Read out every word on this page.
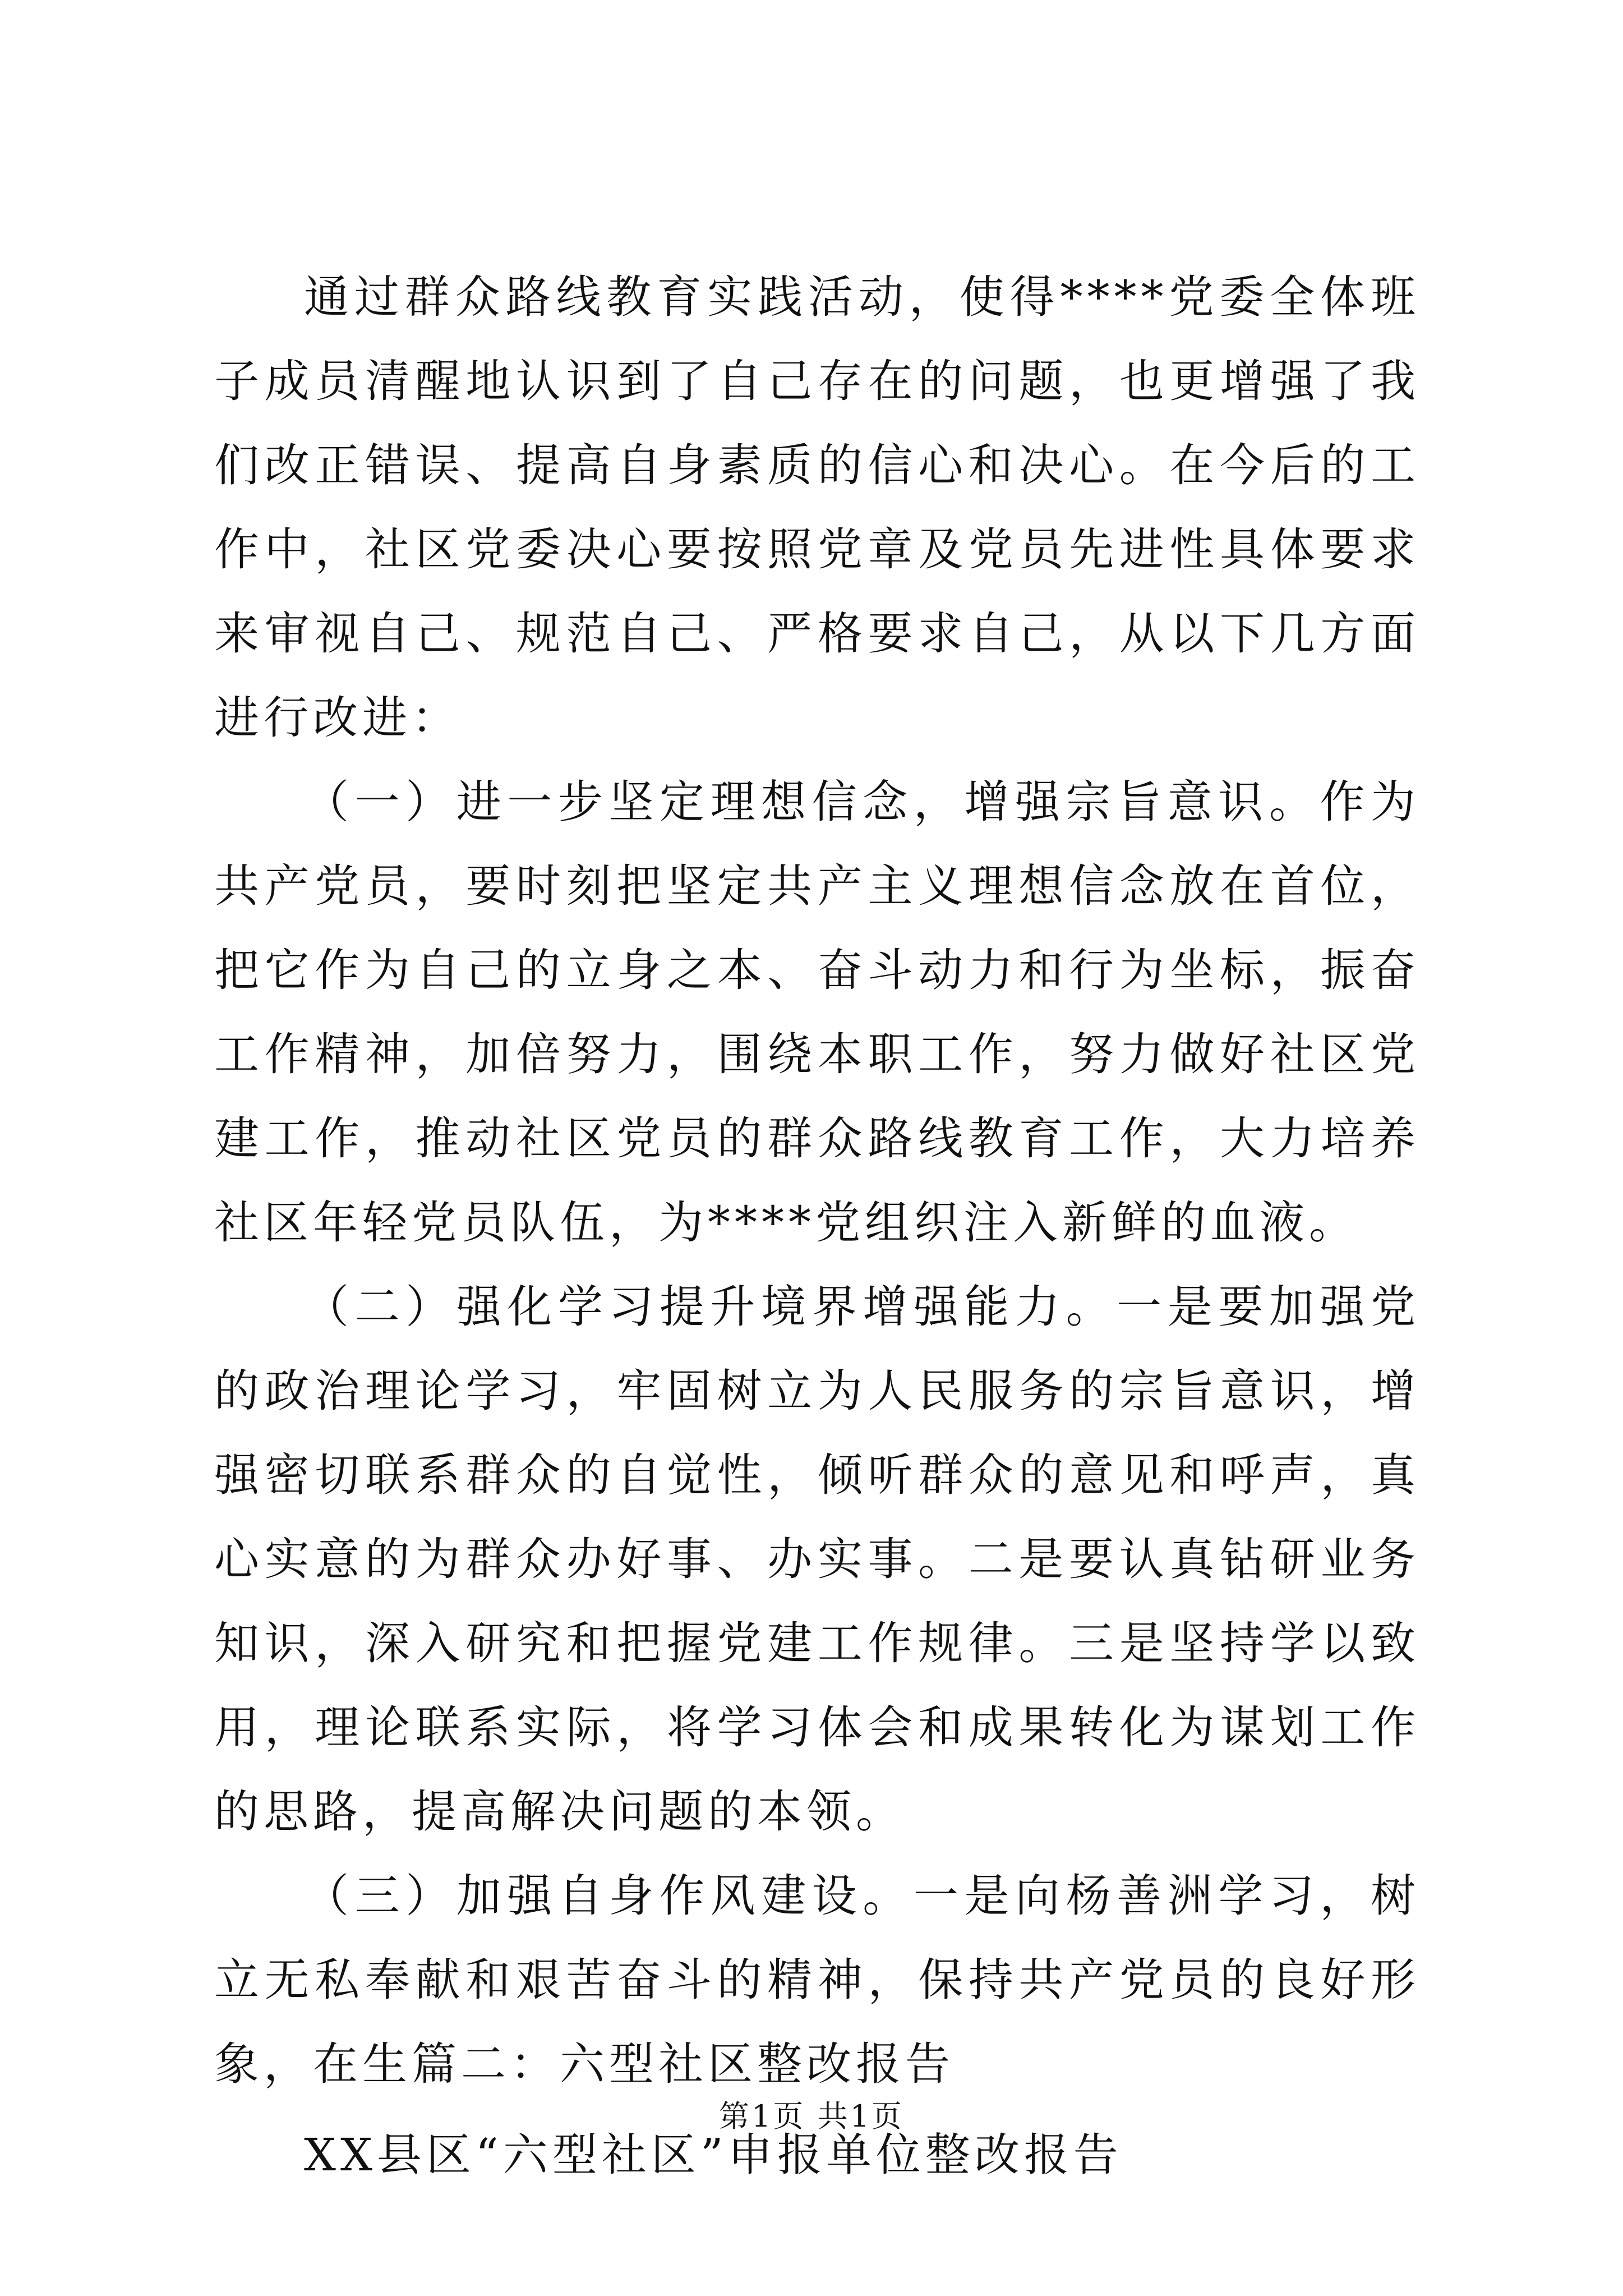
通过群众路线教育实践活动，使得****党委全体班子成员清醒地认识到了自己存在的问题，也更增强了我们改正错误、提高自身素质的信心和决心。在今后的工作中，社区党委决心要按照党章及党员先进性具体要求来审视自己、规范自己、严格要求自己，从以下几方面进行改进：

（一）进一步坚定理想信念，增强宗旨意识。作为共产党员，要时刻把坚定共产主义理想信念放在首位，把它作为自己的立身之本、奋斗动力和行为坐标，振奋工作精神，加倍努力，围绕本职工作，努力做好社区党建工作，推动社区党员的群众路线教育工作，大力培养社区年轻党员队伍，为****党组织注入新鲜的血液。

（二）强化学习提升境界增强能力。一是要加强党的政治理论学习，牢固树立为人民服务的宗旨意识，增强密切联系群众的自觉性，倾听群众的意见和呼声，真心实意的为群众办好事、办实事。二是要认真钻研业务知识，深入研究和把握党建工作规律。三是坚持学以致用，理论联系实际，将学习体会和成果转化为谋划工作的思路，提高解决问题的本领。

（三）加强自身作风建设。一是向杨善洲学习，树立无私奉献和艰苦奋斗的精神，保持共产党员的良好形象，在生篇二：六型社区整改报告

XX县区“六型社区”申报单位整改报告

第1页 共1页
